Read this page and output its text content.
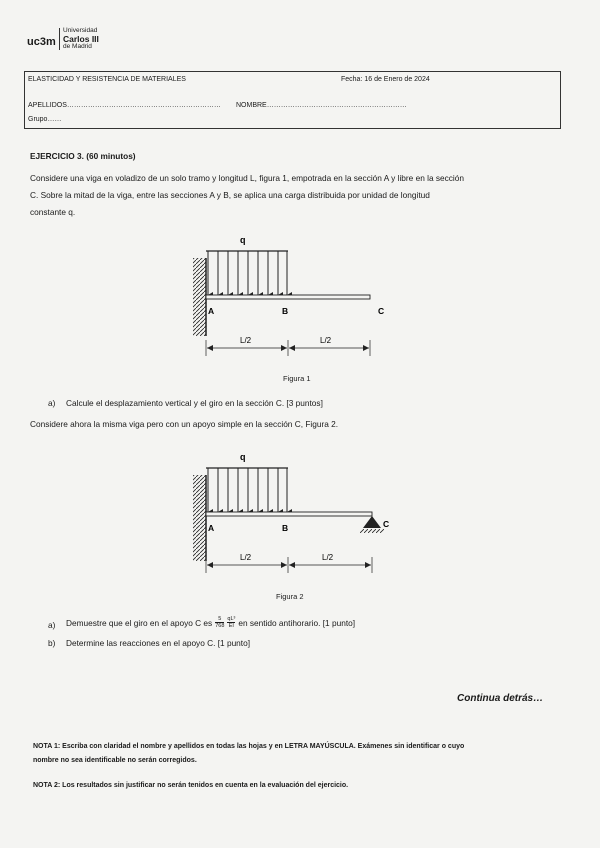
uc3m
Universidad
Carlos III
de Madrid
ELASTICIDAD Y RESISTENCIA DE MATERIALES	Fecha: 16 de Enero de 2024
APELLIDOS………………………………………………………… NOMBRE……………………………………………………
Grupo……
EJERCICIO 3. (60 minutos)
Considere una viga en voladizo de un solo tramo y longitud L, figura 1, empotrada en la sección A y libre en la sección
C. Sobre la mitad de la viga, entre las secciones A y B, se aplica una carga distribuida por unidad de longitud
constante q.
q
A	B	C
L/2	L/2
Figura 1
a) Calcule el desplazamiento vertical y el giro en la sección C. [3 puntos]
Considere ahora la misma viga pero con un apoyo simple en la sección C, Figura 2.
q
A	B	C
L/2	L/2
Figura 2
a) Demuestre que el giro en el apoyo C es $\frac{5}{768} \frac{\text{qL³}}{EI}$ en sentido antihorario. [1 punto]
b) Determine las reacciones en el apoyo C. [1 punto]
Continua detrás…
NOTA 1: Escriba con claridad el nombre y apellidos en todas las hojas y en LETRA MAYÚSCULA. Exámenes sin identificar o cuyo
nombre no sea identificable no serán corregidos.
NOTA 2: Los resultados sin justificar no serán tenidos en cuenta en la evaluación del ejercicio.
